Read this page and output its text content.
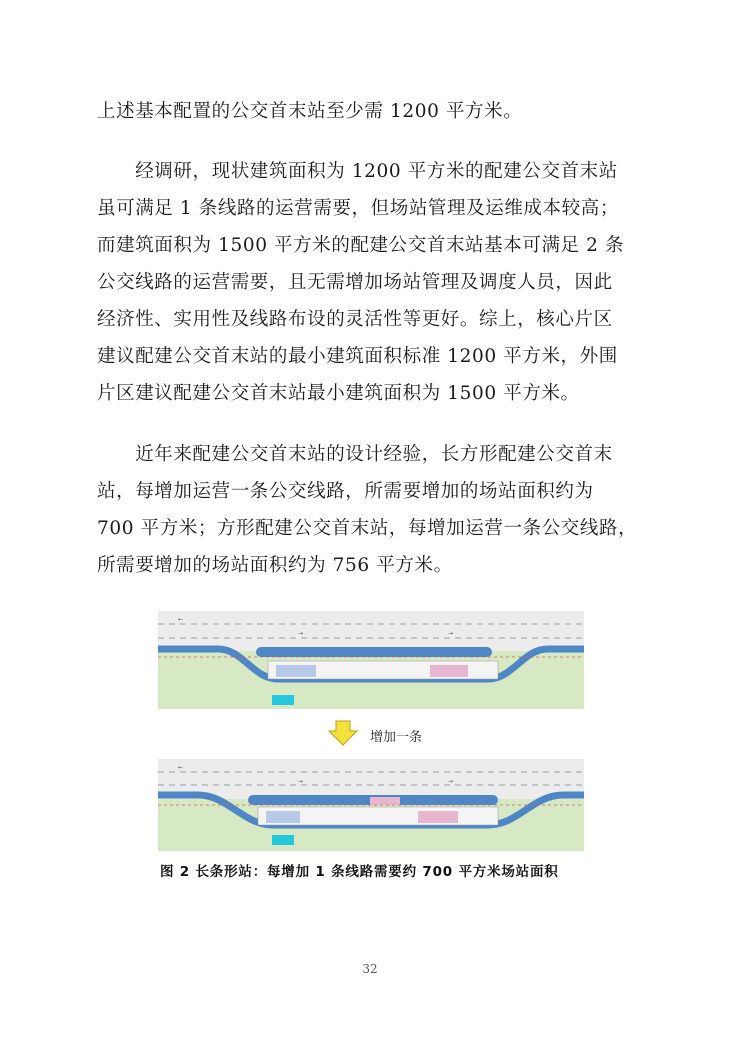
上述基本配置的公交首末站至少需 1200 平方米。
　　经调研，现状建筑面积为 1200 平方米的配建公交首末站
虽可满足 1 条线路的运营需要，但场站管理及运维成本较高；
而建筑面积为 1500 平方米的配建公交首末站基本可满足 2 条
公交线路的运营需要，且无需增加场站管理及调度人员，因此
经济性、实用性及线路布设的灵活性等更好。综上，核心片区
建议配建公交首末站的最小建筑面积标准 1200 平方米，外围
片区建议配建公交首末站最小建筑面积为 1500 平方米。
　　近年来配建公交首末站的设计经验，长方形配建公交首末
站，每增加运营一条公交线路，所需要增加的场站面积约为
700 平方米；方形配建公交首末站，每增加运营一条公交线路，
所需要增加的场站面积约为 756 平方米。
←
→	→
←
→	→
增加一条
图 2 长条形站：每增加 1 条线路需要约 700 平方米场站面积
32
